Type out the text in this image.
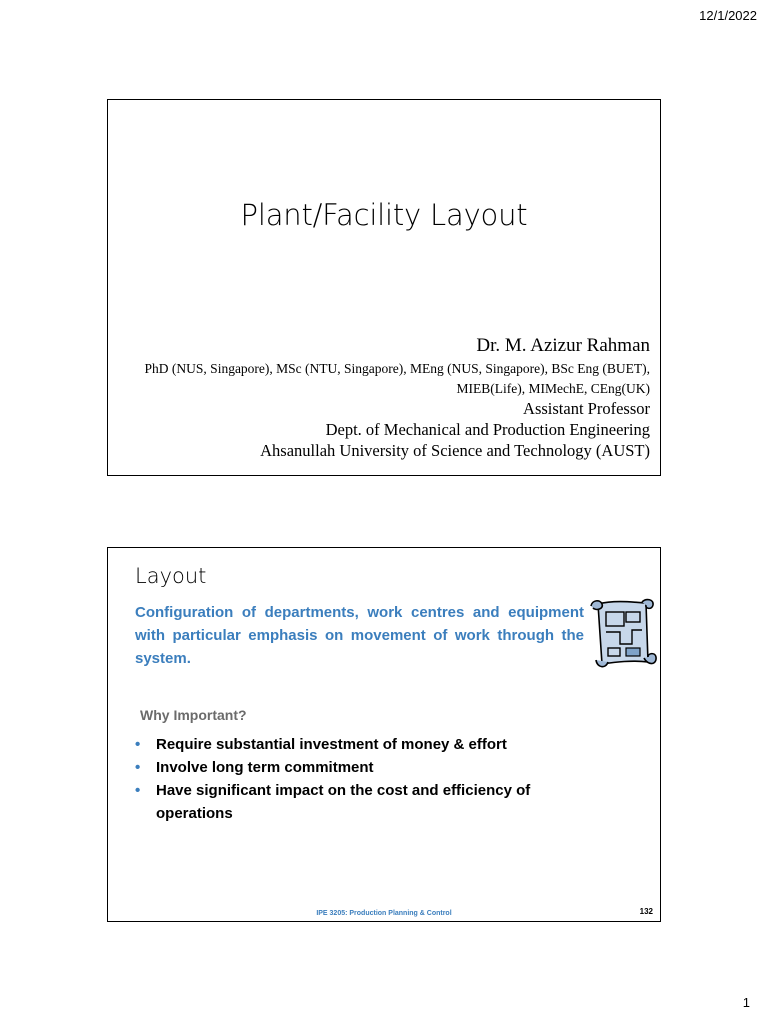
12/1/2022
Plant/Facility Layout
Dr. M. Azizur Rahman
PhD (NUS, Singapore), MSc (NTU, Singapore), MEng (NUS, Singapore), BSc Eng (BUET),
MIEB(Life), MIMechE, CEng(UK)
Assistant Professor
Dept. of Mechanical and Production Engineering
Ahsanullah University of Science and Technology (AUST)
Layout
Configuration of departments, work centres and equipment with particular emphasis on movement of work through the system.
Why Important?
• Require substantial investment of money & effort
• Involve long term commitment
• Have significant impact on the cost and efficiency of operations
IPE 3205: Production Planning & Control	132
1
